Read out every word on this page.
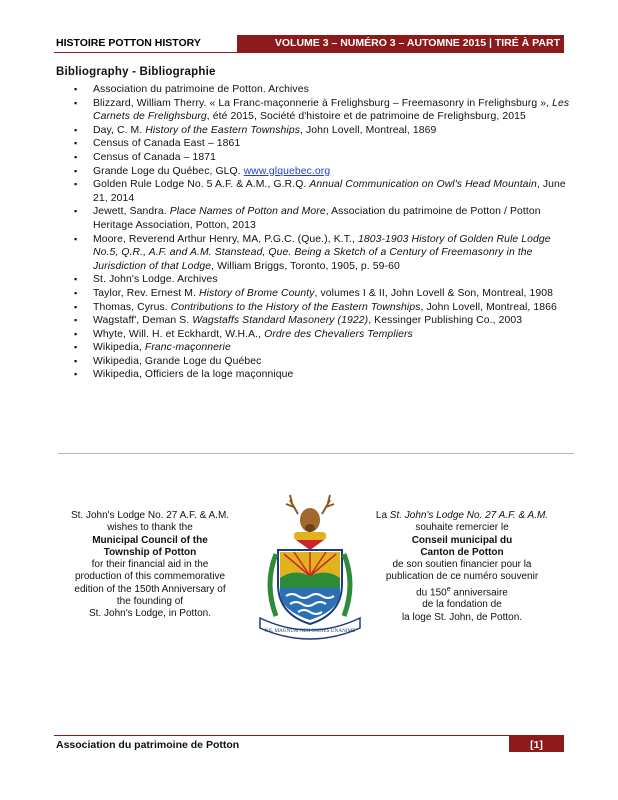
HISTOIRE POTTON HISTORY	VOLUME 3 – NUMÉRO 3 – AUTOMNE 2015 | TIRÉ À PART
Bibliography - Bibliographie
▪ Association du patrimoine de Potton. Archives
▪ Blizzard, William Therry. « La Franc-maçonnerie à Frelighsburg – Freemasonry in Frelighsburg », Les Carnets de Frelighsburg, été 2015, Société d'histoire et de patrimoine de Frelighsburg, 2015
▪ Day, C. M. History of the Eastern Townships, John Lovell, Montreal, 1869
▪ Census of Canada East – 1861
▪ Census of Canada – 1871
▪ Grande Loge du Québec, GLQ. www.glquebec.org
▪ Golden Rule Lodge No. 5 A.F. & A.M., G.R.Q. Annual Communication on Owl's Head Mountain, June 21, 2014
▪ Jewett, Sandra. Place Names of Potton and More, Association du patrimoine de Potton / Potton Heritage Association, Potton, 2013
▪ Moore, Reverend Arthur Henry, MA, P.G.C. (Que.), K.T., 1803-1903 History of Golden Rule Lodge No.5, Q.R., A.F. and A.M. Stanstead, Que. Being a Sketch of a Century of Freemasonry in the Jurisdiction of that Lodge, William Briggs, Toronto, 1905, p. 59-60
▪ St. John's Lodge. Archives
▪ Taylor, Rev. Ernest M. History of Brome County, volumes I & II, John Lovell & Son, Montreal, 1908
▪ Thomas, Cyrus. Contributions to the History of the Eastern Townships, John Lovell, Montreal, 1866
▪ Wagstaff', Deman S. Wagstaffs Standard Masonery (1922), Kessinger Publishing Co., 2003
▪ Whyte, Will. H. et Eckhardt, W.H.A., Ordre des Chevaliers Templiers
▪ Wikipedia, Franc-maçonnerie
▪ Wikipedia, Grande Loge du Québec
▪ Wikipedia, Officiers de la loge maçonnique
St. John's Lodge No. 27 A.F. & A.M.
wishes to thank the
Municipal Council of the
Township of Potton
for their financial aid in the
production of this commemorative
edition of the 150th Anniversary of
the founding of
St. John's Lodge, in Potton.
NIL MAGNUM NISI OMNES UNANIME
La St. John's Lodge No. 27 A.F. & A.M.
souhaite remercier le
Conseil municipal du
Canton de Potton
de son soutien financier pour la
publication de ce numéro souvenir
du 150e anniversaire
de la fondation de
la loge St. John, de Potton.
Association du patrimoine de Potton	[1]
